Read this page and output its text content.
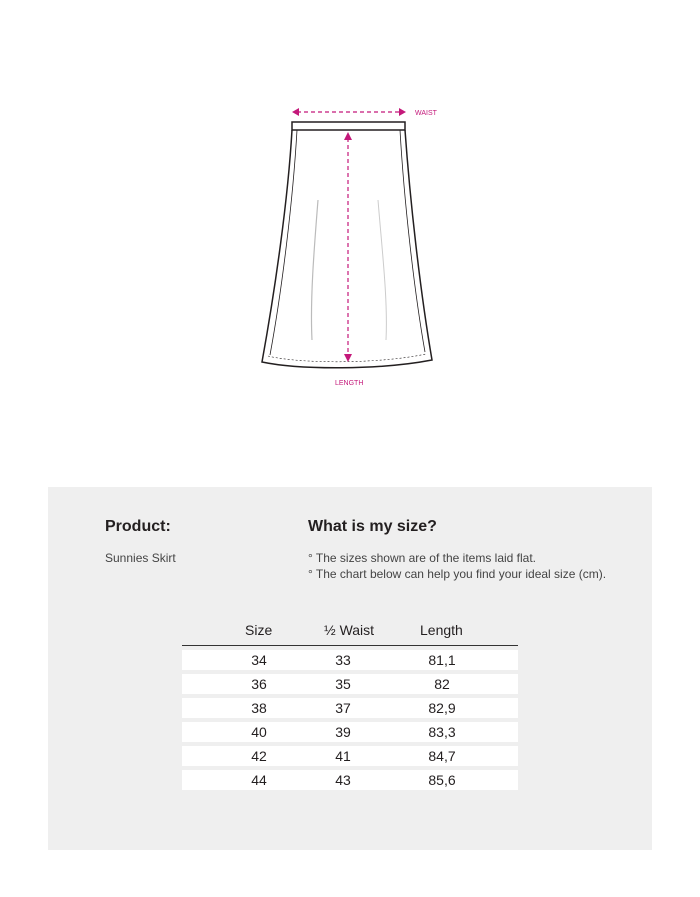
WAIST
LENGTH
Product:	What is my size?
Sunnies Skirt	° The sizes shown are of the items laid flat.
° The chart below can help you find your ideal size (cm).
Size	½ Waist	Length
34	33	81,1
36	35	82
38	37	82,9
40	39	83,3
42	41	84,7
44	43	85,6
